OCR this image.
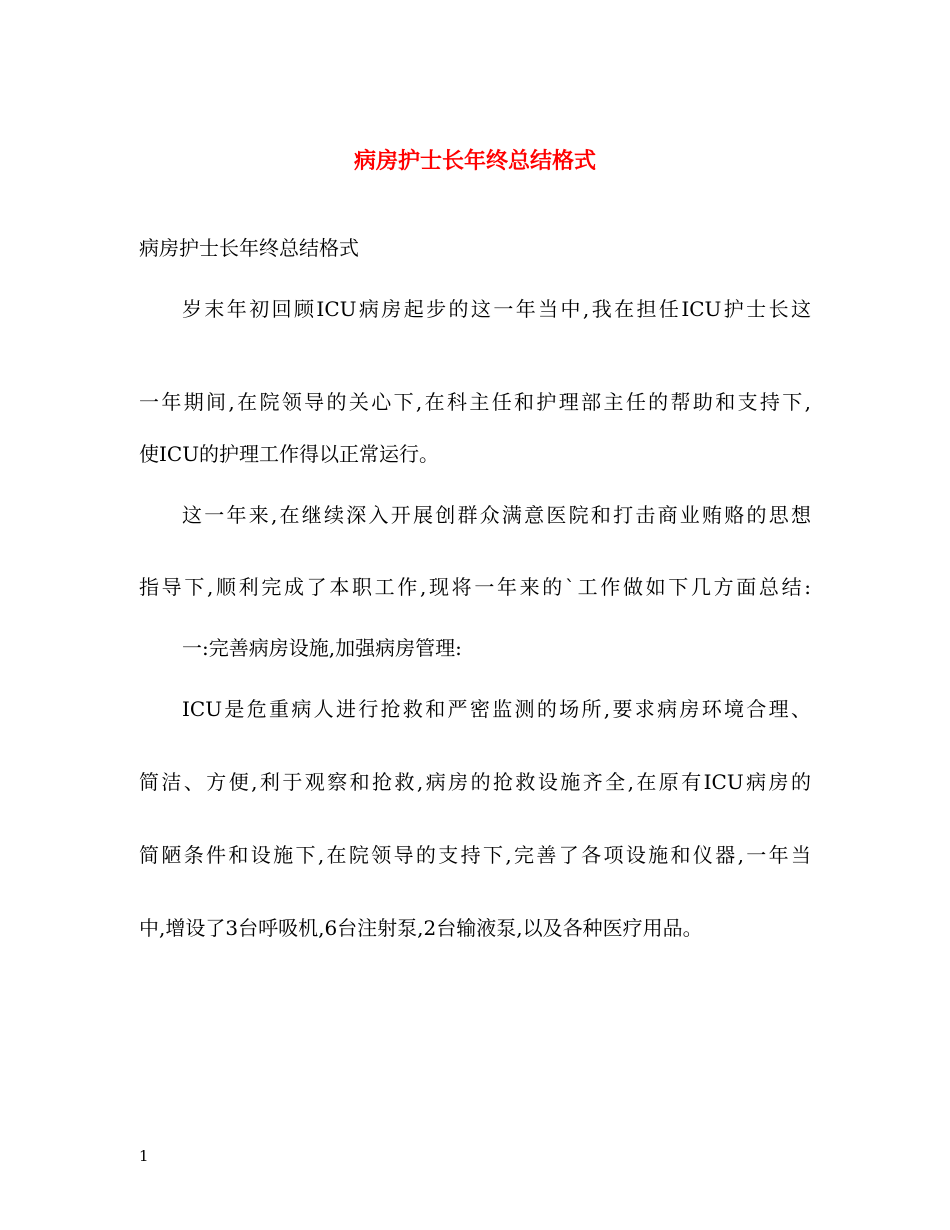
病房护士长年终总结格式

病房护士长年终总结格式

岁末年初回顾ICU病房起步的这一年当中,我在担任ICU护士长这

一年期间,在院领导的关心下,在科主任和护理部主任的帮助和支持下,

使ICU的护理工作得以正常运行。

这一年来,在继续深入开展创群众满意医院和打击商业贿赂的思想

指导下,顺利完成了本职工作,现将一年来的`工作做如下几方面总结:

一:完善病房设施,加强病房管理:

ICU是危重病人进行抢救和严密监测的场所,要求病房环境合理、

简洁、方便,利于观察和抢救,病房的抢救设施齐全,在原有ICU病房的

简陋条件和设施下,在院领导的支持下,完善了各项设施和仪器,一年当

中,增设了3台呼吸机,6台注射泵,2台输液泵,以及各种医疗用品。

1
